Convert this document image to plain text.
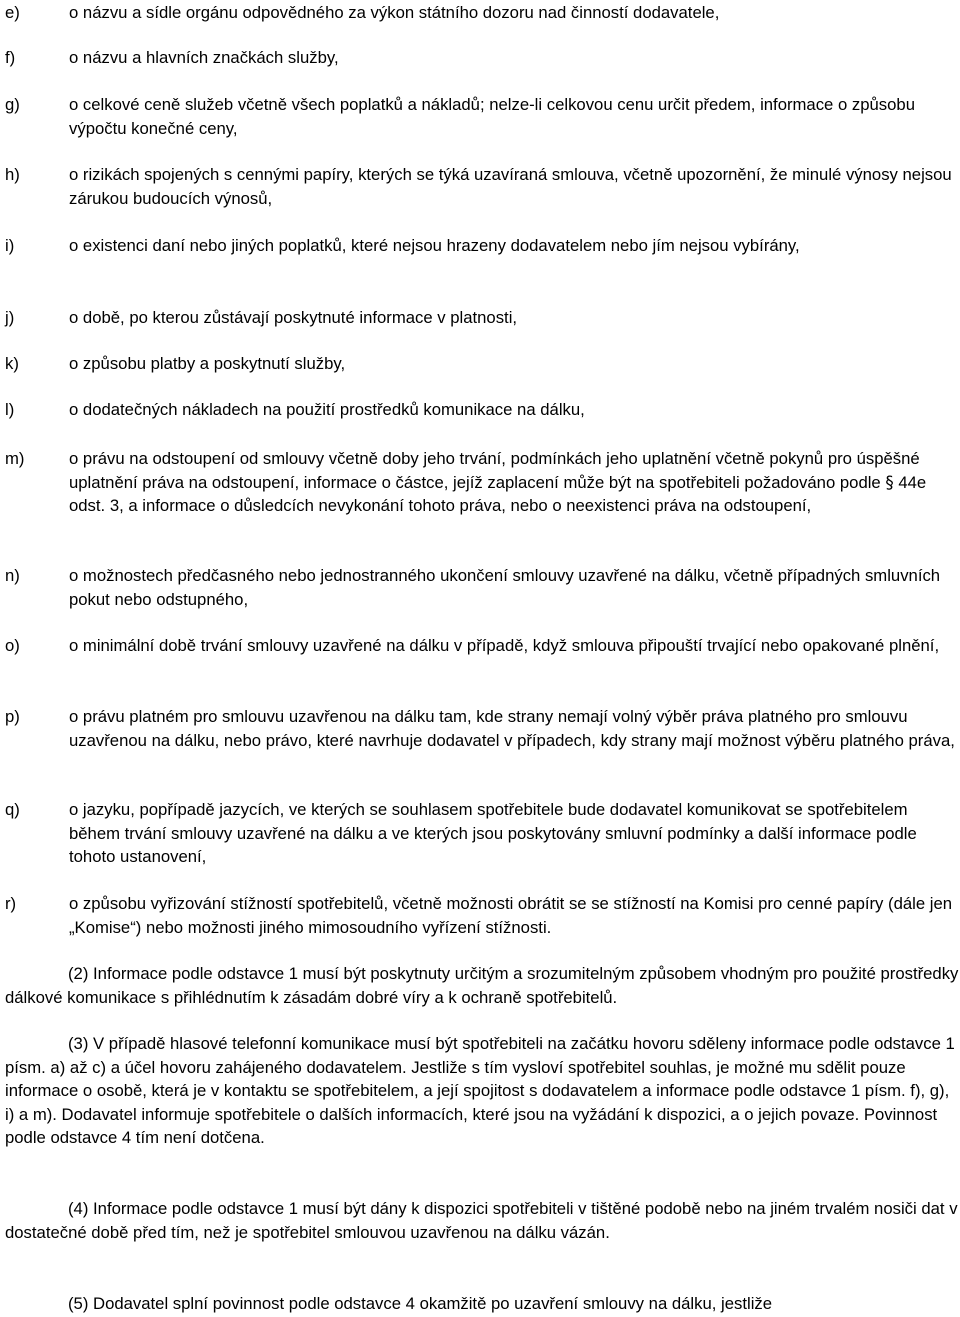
e)	o názvu a sídle orgánu odpovědného za výkon státního dozoru nad činností dodavatele,
f)	o názvu a hlavních značkách služby,
g)	o celkové ceně služeb včetně všech poplatků a nákladů; nelze-li celkovou cenu určit předem, informace o způsobu výpočtu konečné ceny,
h)	o rizikách spojených s cennými papíry, kterých se týká uzavíraná smlouva, včetně upozornění, že minulé výnosy nejsou zárukou budoucích výnosů,
i)	o existenci daní nebo jiných poplatků, které nejsou hrazeny dodavatelem nebo jím nejsou vybírány,
j)	o době, po kterou zůstávají poskytnuté informace v platnosti,
k)	o způsobu platby a poskytnutí služby,
l)	o dodatečných nákladech na použití prostředků komunikace na dálku,
m)	o právu na odstoupení od smlouvy včetně doby jeho trvání, podmínkách jeho uplatnění včetně pokynů pro úspěšné uplatnění práva na odstoupení, informace o částce, jejíž zaplacení může být na spotřebiteli požadováno podle § 44e odst. 3, a informace o důsledcích nevykonání tohoto práva, nebo o neexistenci práva na odstoupení,
n)	o možnostech předčasného nebo jednostranného ukončení smlouvy uzavřené na dálku, včetně případných smluvních pokut nebo odstupného,
o)	o minimální době trvání smlouvy uzavřené na dálku v případě, když smlouva připouští trvající nebo opakované plnění,
p)	o právu platném pro smlouvu uzavřenou na dálku tam, kde strany nemají volný výběr práva platného pro smlouvu uzavřenou na dálku, nebo právo, které navrhuje dodavatel v případech, kdy strany mají možnost výběru platného práva,
q)	o jazyku, popřípadě jazycích, ve kterých se souhlasem spotřebitele bude dodavatel komunikovat se spotřebitelem během trvání smlouvy uzavřené na dálku a ve kterých jsou poskytovány smluvní podmínky a další informace podle tohoto ustanovení,
r)	o způsobu vyřizování stížností spotřebitelů, včetně možnosti obrátit se se stížností na Komisi pro cenné papíry (dále jen „Komise“) nebo možnosti jiného mimosoudního vyřízení stížnosti.

(2) Informace podle odstavce 1 musí být poskytnuty určitým a srozumitelným způsobem vhodným pro použité prostředky dálkové komunikace s přihlédnutím k zásadám dobré víry a k ochraně spotřebitelů.

(3) V případě hlasové telefonní komunikace musí být spotřebiteli na začátku hovoru sděleny informace podle odstavce 1 písm. a) až c) a účel hovoru zahájeného dodavatelem. Jestliže s tím vysloví spotřebitel souhlas, je možné mu sdělit pouze informace o osobě, která je v kontaktu se spotřebitelem, a její spojitost s dodavatelem a informace podle odstavce 1 písm. f), g), i) a m). Dodavatel informuje spotřebitele o dalších informacích, které jsou na vyžádání k dispozici, a o jejich povaze. Povinnost podle odstavce 4 tím není dotčena.

(4) Informace podle odstavce 1 musí být dány k dispozici spotřebiteli v tištěné podobě nebo na jiném trvalém nosiči dat v dostatečné době před tím, než je spotřebitel smlouvou uzavřenou na dálku vázán.

(5) Dodavatel splní povinnost podle odstavce 4 okamžitě po uzavření smlouvy na dálku, jestliže
